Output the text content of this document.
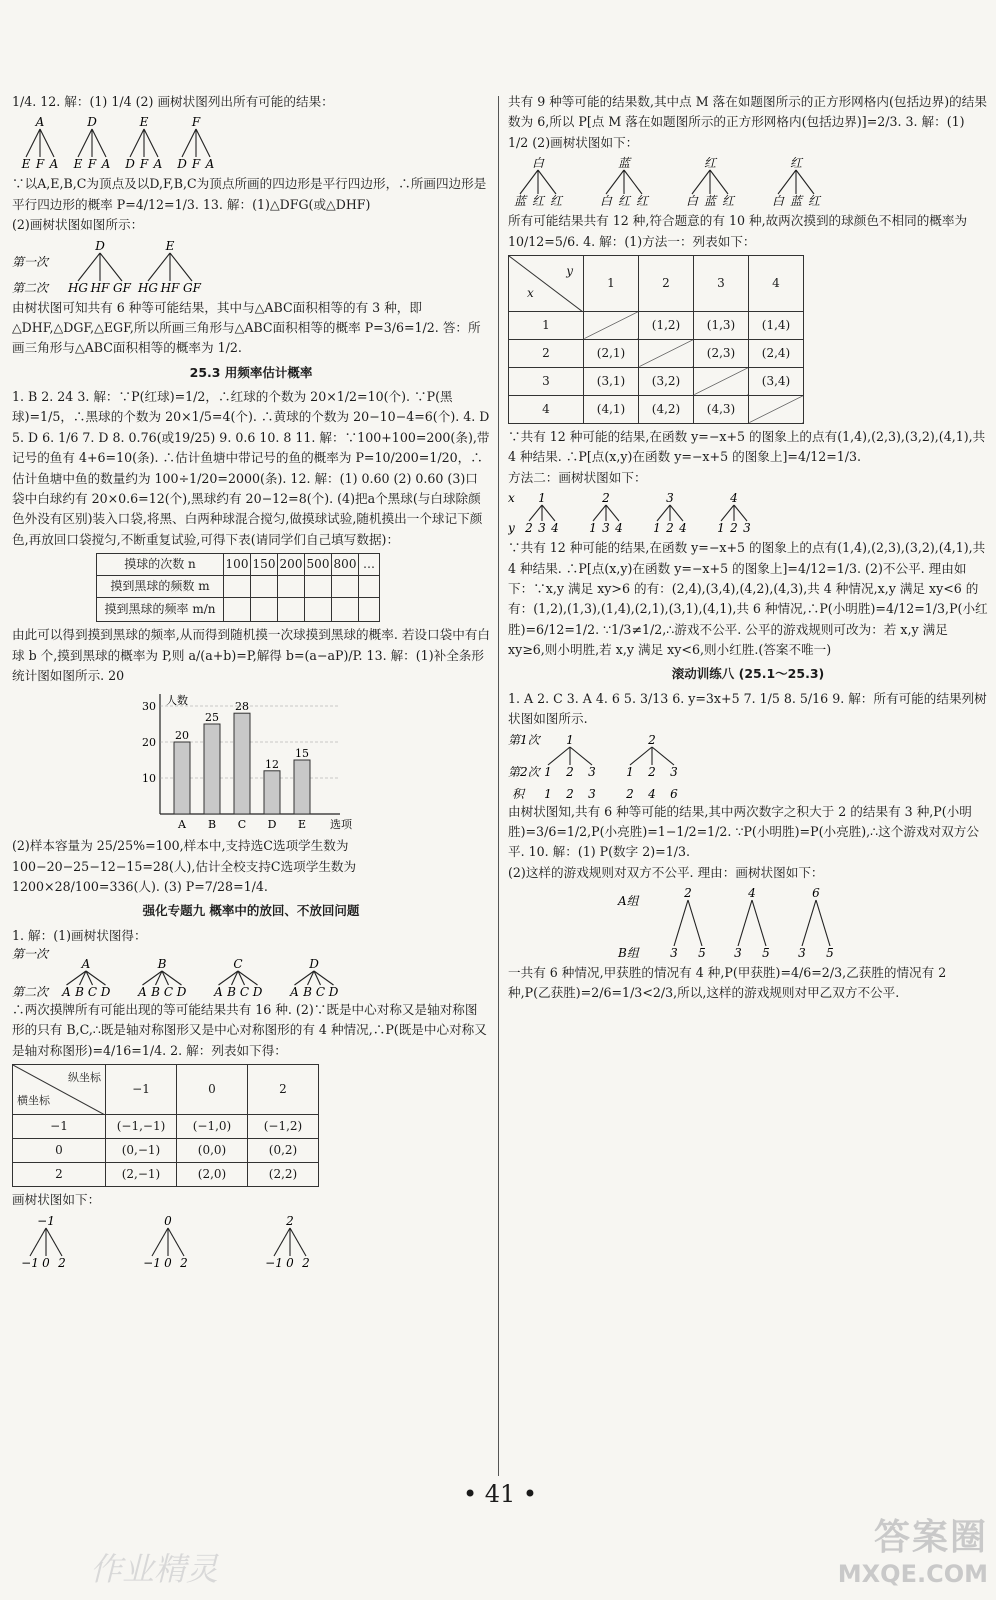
1/4. 12. 解：(1) 1/4 (2) 画树状图列出所有可能的结果：

A
E F A
D
E F A
E
D F A
F
D F A

∵以A,E,B,C为顶点及以D,F,B,C为顶点所画的四边形是平行四边形，∴所画四边形是平行四边形的概率 P=4/12=1/3. 13. 解：(1)△DFG(或△DHF)

(2)画树状图如图所示：

D
HG HF GF
E
HG HF GF
第一次
第二次

由树状图可知共有 6 种等可能结果，其中与△ABC面积相等的有 3 种，即△DHF,△DGF,△EGF,所以所画三角形与△ABC面积相等的概率 P=3/6=1/2. 答：所画三角形与△ABC面积相等的概率为 1/2.

25.3 用频率估计概率

1. B 2. 24 3. 解：∵P(红球)=1/2，∴红球的个数为 20×1/2=10(个). ∵P(黑球)=1/5，∴黑球的个数为 20×1/5=4(个). ∴黄球的个数为 20−10−4=6(个). 4. D 5. D 6. 1/6 7. D 8. 0.76(或19/25) 9. 0.6 10. 8 11. 解：∵100+100=200(条),带记号的鱼有 4+6=10(条). ∴估计鱼塘中带记号的鱼的概率为 P=10/200=1/20，∴估计鱼塘中鱼的数量约为 100÷1/20=2000(条). 12. 解：(1) 0.60 (2) 0.60 (3)口袋中白球约有 20×0.6=12(个),黑球约有 20−12=8(个). (4)把a个黑球(与白球除颜色外没有区别)装入口袋,将黑、白两种球混合搅匀,做摸球试验,随机摸出一个球记下颜色,再放回口袋搅匀,不断重复试验,可得下表(请同学们自己填写数据)：

摸球的次数 n	100	150	200	500	800	…
摸到黑球的频数 m						
摸到黑球的频率 m/n						

由此可以得到摸到黑球的频率,从而得到随机摸一次球摸到黑球的概率. 若设口袋中有白球 b 个,摸到黑球的概率为 P,则 a/(a+b)=P,解得 b=(a−aP)/P. 13. 解：(1)补全条形统计图如图所示. 20

人数
10
20
30
20
A
25
B
28
C
12
D
15
E 选项

(2)样本容量为 25/25%=100,样本中,支持选C选项学生数为 100−20−25−12−15=28(人),估计全校支持C选项学生数为 1200×28/100=336(人). (3) P=7/28=1/4.

强化专题九 概率中的放回、不放回问题

1. 解：(1)画树状图得：

A
A B C D
B
A B C D
C
A B C D
D
A B C D
第一次
第二次

∴两次摸牌所有可能出现的等可能结果共有 16 种. (2)∵既是中心对称又是轴对称图形的只有 B,C,∴既是轴对称图形又是中心对称图形的有 4 种情况,∴P(既是中心对称又是轴对称图形)=4/16=1/4. 2. 解：列表如下得：

纵坐标
横坐标	−1	0	2
−1	(−1,−1)	(−1,0)	(−1,2)
0	(0,−1)	(0,0)	(0,2)
2	(2,−1)	(2,0)	(2,2)

画树状图如下：

−1
−1 0 2
0
−1 0 2
2
−1 0 2

共有 9 种等可能的结果数,其中点 M 落在如题图所示的正方形网格内(包括边界)的结果数为 6,所以 P[点 M 落在如题图所示的正方形网格内(包括边界)]=2/3. 3. 解：(1) 1/2 (2)画树状图如下：

白
蓝 红 红
蓝
白 红 红
红
白 蓝 红
红
白 蓝 红

所有可能结果共有 12 种,符合题意的有 10 种,故两次摸到的球颜色不相同的概率为 10/12=5/6. 4. 解：(1)方法一：列表如下：

y
x	1	2	3	4
1		(1,2)	(1,3)	(1,4)
2	(2,1)		(2,3)	(2,4)
3	(3,1)	(3,2)		(3,4)
4	(4,1)	(4,2)	(4,3)	

∵共有 12 种可能的结果,在函数 y=−x+5 的图象上的点有(1,4),(2,3),(3,2),(4,1),共 4 种结果. ∴P[点(x,y)在函数 y=−x+5 的图象上]=4/12=1/3.

方法二：画树状图如下：

1
2 3 4
2
1 3 4
3
1 2 4
4
1 2 3
x
y

∵共有 12 种可能的结果,在函数 y=−x+5 的图象上的点有(1,4),(2,3),(3,2),(4,1),共 4 种结果. ∴P[点(x,y)在函数 y=−x+5 的图象上]=4/12=1/3. (2)不公平. 理由如下：∵x,y 满足 xy>6 的有：(2,4),(3,4),(4,2),(4,3),共 4 种情况,x,y 满足 xy<6 的有：(1,2),(1,3),(1,4),(2,1),(3,1),(4,1),共 6 种情况,∴P(小明胜)=4/12=1/3,P(小红胜)=6/12=1/2. ∵1/3≠1/2,∴游戏不公平. 公平的游戏规则可改为：若 x,y 满足 xy≥6,则小明胜,若 x,y 满足 xy<6,则小红胜.(答案不唯一)

滚动训练八 (25.1～25.3)

1. A 2. C 3. A 4. 6 5. 3/13 6. y=3x+5 7. 1/5 8. 5/16 9. 解：所有可能的结果列树状图如图所示.

1
1 2 3
2
1 2 3
第1次
第2次
积 1 2 3	2 4 6

由树状图知,共有 6 种等可能的结果,其中两次数字之积大于 2 的结果有 3 种,P(小明胜)=3/6=1/2,P(小亮胜)=1−1/2=1/2. ∵P(小明胜)=P(小亮胜),∴这个游戏对双方公平. 10. 解：(1) P(数字 2)=1/3.

(2)这样的游戏规则对双方不公平. 理由：画树状图如下：

2
3 5
4
3 5
6
3 5
A组
B组

一共有 6 种情况,甲获胜的情况有 4 种,P(甲获胜)=4/6=2/3,乙获胜的情况有 2 种,P(乙获胜)=2/6=1/3<2/3,所以,这样的游戏规则对甲乙双方不公平.

• 41 •
作业精灵
答案圈
MXQE.COM
